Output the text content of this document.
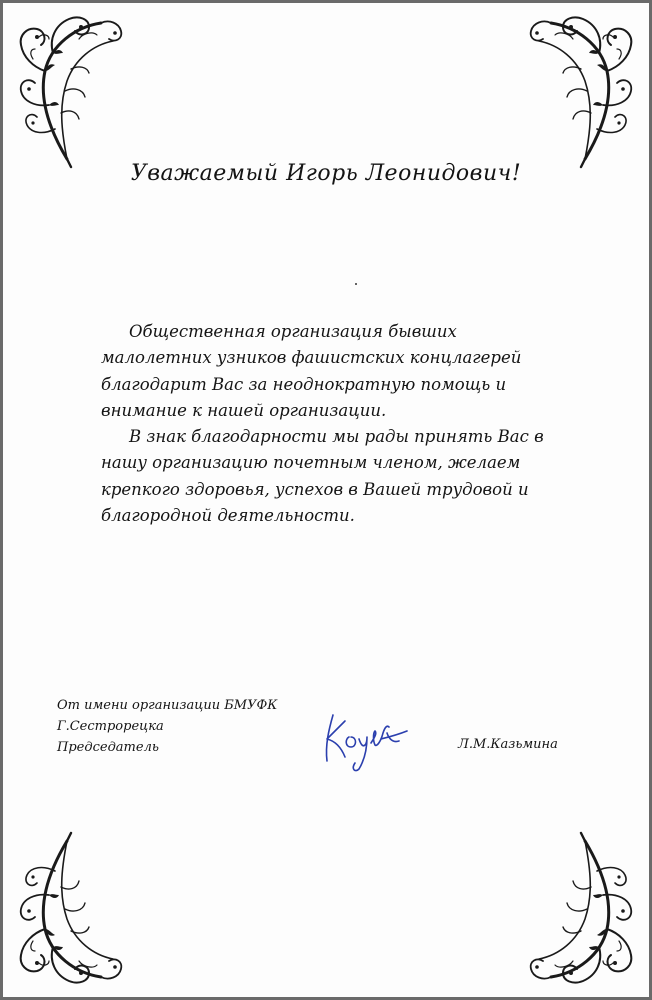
Уважаемый Игорь Леонидович!

Общественная организация бывших малолетних узников фашистских концлагерей благодарит Вас за неоднократную помощь и внимание к нашей организации.

В знак благодарности мы рады принять Вас в нашу организацию почетным членом, желаем крепкого здоровья, успехов в Вашей трудовой и благородной деятельности.

От имени организации БМУФК
Г.Сестрорецка
Председатель	Л.М.Казьмина
